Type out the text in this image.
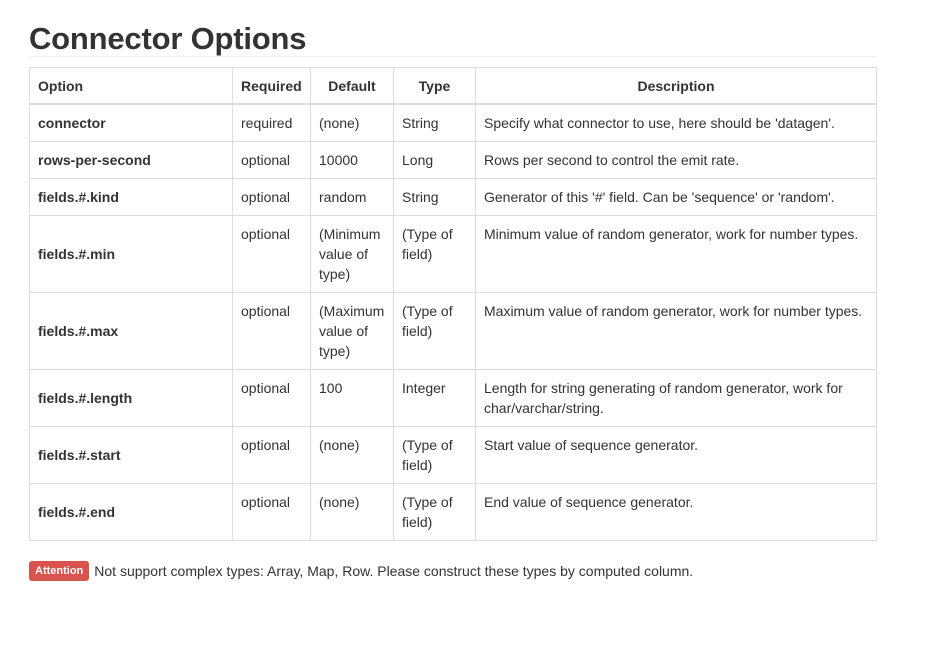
Connector Options
Option	Required	Default	Type	Description
connector	required	(none)	String	Specify what connector to use, here should be 'datagen'.
rows-per-second	optional	10000	Long	Rows per second to control the emit rate.
fields.#.kind	optional	random	String	Generator of this '#' field. Can be 'sequence' or 'random'.
fields.#.min	optional	(Minimum value of type)	(Type of field)	Minimum value of random generator, work for number types.
fields.#.max	optional	(Maximum value of type)	(Type of field)	Maximum value of random generator, work for number types.
fields.#.length	optional	100	Integer	Length for string generating of random generator, work for char/varchar/string.
fields.#.start	optional	(none)	(Type of field)	Start value of sequence generator.
fields.#.end	optional	(none)	(Type of field)	End value of sequence generator.
Attention Not support complex types: Array, Map, Row. Please construct these types by computed column.
